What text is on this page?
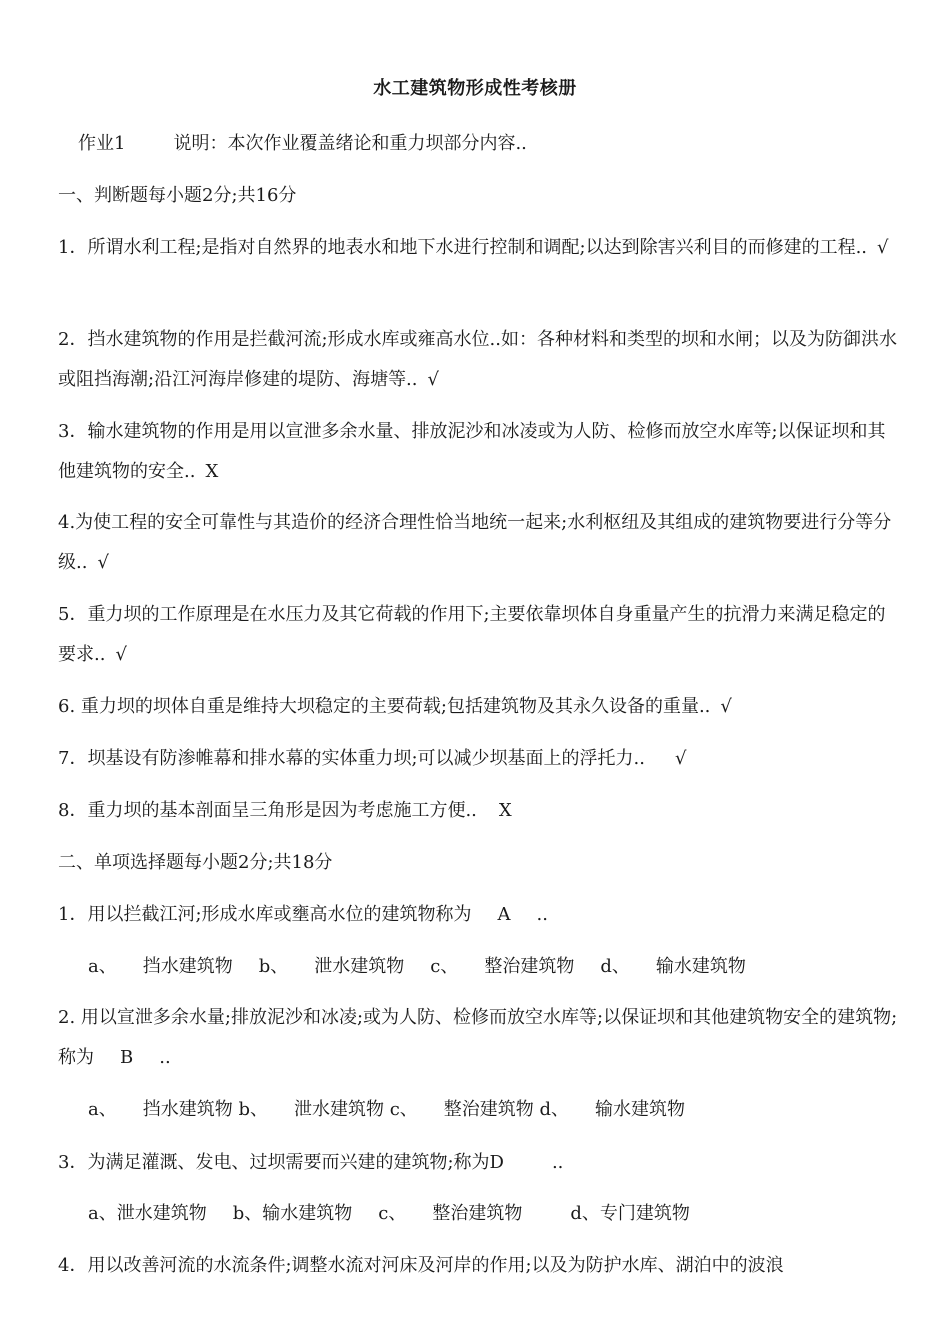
水工建筑物形成性考核册
作业1	说明：本次作业覆盖绪论和重力坝部分内容..
一、判断题每小题2分;共16分
1．所谓水利工程;是指对自然界的地表水和地下水进行控制和调配;以达到除害兴利目的而修建的工程.. √
2．挡水建筑物的作用是拦截河流;形成水库或雍高水位..如：各种材料和类型的坝和水闸；以及为防御洪水或阻挡海潮;沿江河海岸修建的堤防、海塘等.. √
3．输水建筑物的作用是用以宣泄多余水量、排放泥沙和冰凌或为人防、检修而放空水库等;以保证坝和其他建筑物的安全.. X
4.为使工程的安全可靠性与其造价的经济合理性恰当地统一起来;水利枢纽及其组成的建筑物要进行分等分级.. √
5．重力坝的工作原理是在水压力及其它荷载的作用下;主要依靠坝体自身重量产生的抗滑力来满足稳定的要求.. √
6. 重力坝的坝体自重是维持大坝稳定的主要荷载;包括建筑物及其永久设备的重量.. √
7．坝基设有防渗帷幕和排水幕的实体重力坝;可以减少坝基面上的浮托力.. √
8．重力坝的基本剖面呈三角形是因为考虑施工方便.. X
二、单项选择题每小题2分;共18分
1．用以拦截江河;形成水库或壅高水位的建筑物称为 A ..
a、 挡水建筑物 b、 泄水建筑物 c、 整治建筑物 d、 输水建筑物
2. 用以宣泄多余水量;排放泥沙和冰凌;或为人防、检修而放空水库等;以保证坝和其他建筑物安全的建筑物;称为 B ..
a、 挡水建筑物 b、 泄水建筑物 c、 整治建筑物 d、 输水建筑物
3．为满足灌溉、发电、过坝需要而兴建的建筑物;称为D	..
a、泄水建筑物 b、输水建筑物 c、 整治建筑物	d、专门建筑物
4．用以改善河流的水流条件;调整水流对河床及河岸的作用;以及为防护水库、湖泊中的波浪
